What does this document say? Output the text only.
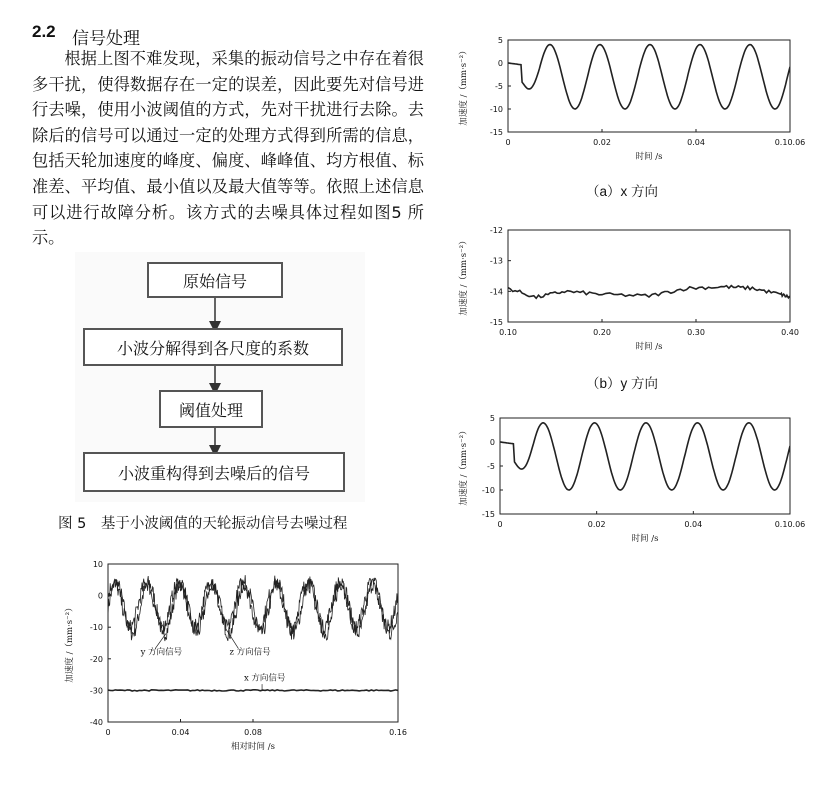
2.2 信号处理

根据上图不难发现，采集的振动信号之中存在着很多干扰，使得数据存在一定的误差，因此要先对信号进行去噪，使用小波阈值的方式，先对干扰进行去除。去除后的信号可以通过一定的处理方式得到所需的信息，包括天轮加速度的峰度、偏度、峰峰值、均方根值、标准差、平均值、最小值以及最大值等等。依照上述信息可以进行故障分析。该方式的去噪具体过程如图5 所示。

原始信号
小波分解得到各尺度的系数
阈值处理
小波重构得到去噪后的信号
图 5　基于小波阈值的天轮振动信号去噪过程
10
0
-10
-20
-30
-40
0	0.04	0.08	0.16
相对时间 /s
加速度 /（mm·s⁻²）	y 方向信号	z 方向信号
x 方向信号
5
0
-5
-10
-15
0	0.02	0.04	0.10.06
时间 /s
加速度 /（mm·s⁻²）
（a）x 方向
-12
-13
-14
-15
0.10	0.20	0.30	0.40
时间 /s
加速度 /（mm·s⁻²）
（b）y 方向
5
0
-5
-10
-15
0	0.02	0.04	0.10.06
时间 /s
加速度 /（mm·s⁻²）
